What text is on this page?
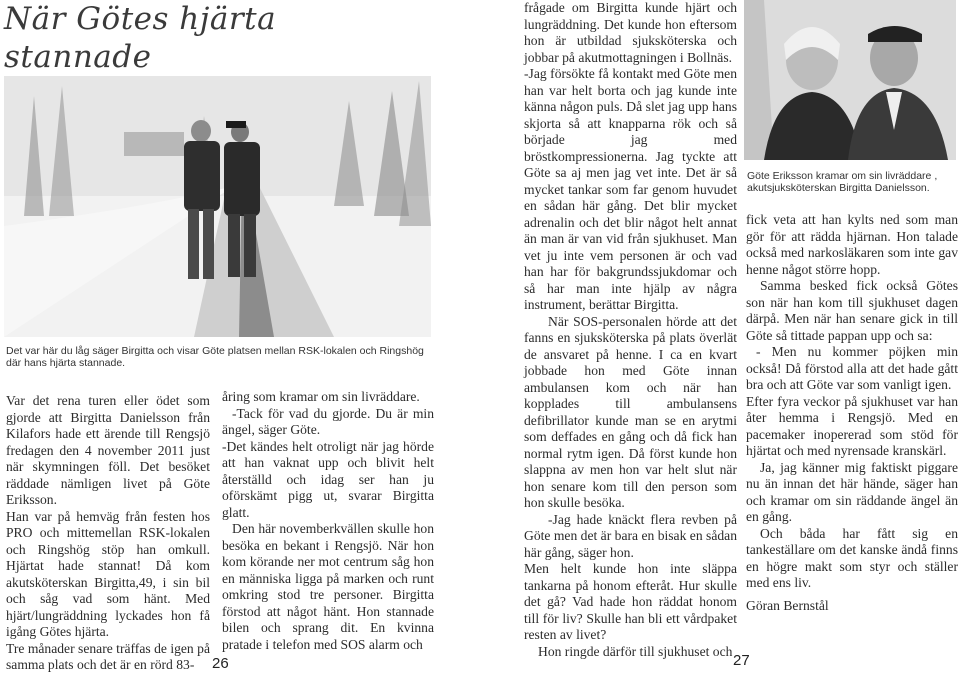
När Götes hjärta stannade

Det var här du låg säger Birgitta och visar Göte platsen mellan RSK-lokalen och Ringshög där hans hjärta stannade.
Göte Eriksson kramar om sin livräddare , akutsjuksköterskan Birgitta Danielsson.

Var det rena turen eller ödet som gjorde att Birgitta Danielsson från Kilafors hade ett ärende till Rengsjö fredagen den 4 november 2011 just när skymningen föll. Det besöket räddade nämligen livet på Göte Eriksson.

Han var på hemväg från festen hos PRO och mittemellan RSK-lokalen och Ringshög stöp han omkull. Hjärtat hade stannat! Då kom akutsköterskan Birgitta,49, i sin bil och såg vad som hänt. Med hjärt/lungräddning lyckades hon få igång Götes hjärta.

Tre månader senare träffas de igen på samma plats och det är en rörd 83-

åring som kramar om sin livräddare.

-Tack för vad du gjorde. Du är min ängel, säger Göte.

-Det kändes helt otroligt när jag hörde att han vaknat upp och blivit helt återställd och idag ser han ju oförskämt pigg ut, svarar Birgitta glatt.

Den här novemberkvällen skulle hon besöka en bekant i Rengsjö. När hon kom körande ner mot centrum såg hon en människa ligga på marken och runt omkring stod tre personer. Birgitta förstod att något hänt. Hon stannade bilen och sprang dit. En kvinna pratade i telefon med SOS alarm och

frågade om Birgitta kunde hjärt och lungräddning. Det kunde hon eftersom hon är utbildad sjuksköterska och jobbar på akutmottagningen i Bollnäs.

-Jag försökte få kontakt med Göte men han var helt borta och jag kunde inte känna någon puls. Då slet jag upp hans skjorta så att knapparna rök och så började jag med bröstkompressionerna. Jag tyckte att Göte sa aj men jag vet inte. Det är så mycket tankar som far genom huvudet en sådan här gång. Det blir mycket adrenalin och det blir något helt annat än man är van vid från sjukhuset. Man vet ju inte vem personen är och vad han har för bakgrundssjukdomar och så har man inte hjälp av några instrument, berättar Birgitta.

När SOS-personalen hörde att det fanns en sjuksköterska på plats överlät de ansvaret på henne. I ca en kvart jobbade hon med Göte innan ambulansen kom och när han kopplades till ambulansens defibrillator kunde man se en arytmi som deffades en gång och då fick han normal rytm igen. Då först kunde hon slappna av men hon var helt slut när hon senare kom till den person som hon skulle besöka.

-Jag hade knäckt flera revben på Göte men det är bara en bisak en sådan här gång, säger hon.

Men helt kunde hon inte släppa tankarna på honom efteråt. Hur skulle det gå? Vad hade hon räddat honom till för liv? Skulle han bli ett vårdpaket resten av livet?

Hon ringde därför till sjukhuset och

fick veta att han kylts ned som man gör för att rädda hjärnan. Hon talade också med narkosläkaren som inte gav henne något större hopp.

Samma besked fick också Götes son när han kom till sjukhuset dagen därpå. Men när han senare gick in till Göte så tittade pappan upp och sa:

- Men nu kommer pöjken min också! Då förstod alla att det hade gått bra och att Göte var som vanligt igen.

Efter fyra veckor på sjukhuset var han åter hemma i Rengsjö. Med en pacemaker inopererad som stöd för hjärtat och med nyrensade kranskärl.

Ja, jag känner mig faktiskt piggare nu än innan det här hände, säger han och kramar om sin räddande ängel än en gång.

Och båda har fått sig en tankeställare om det kanske ändå finns en högre makt som styr och ställer med ens liv.

Göran Bernstål

26	27
